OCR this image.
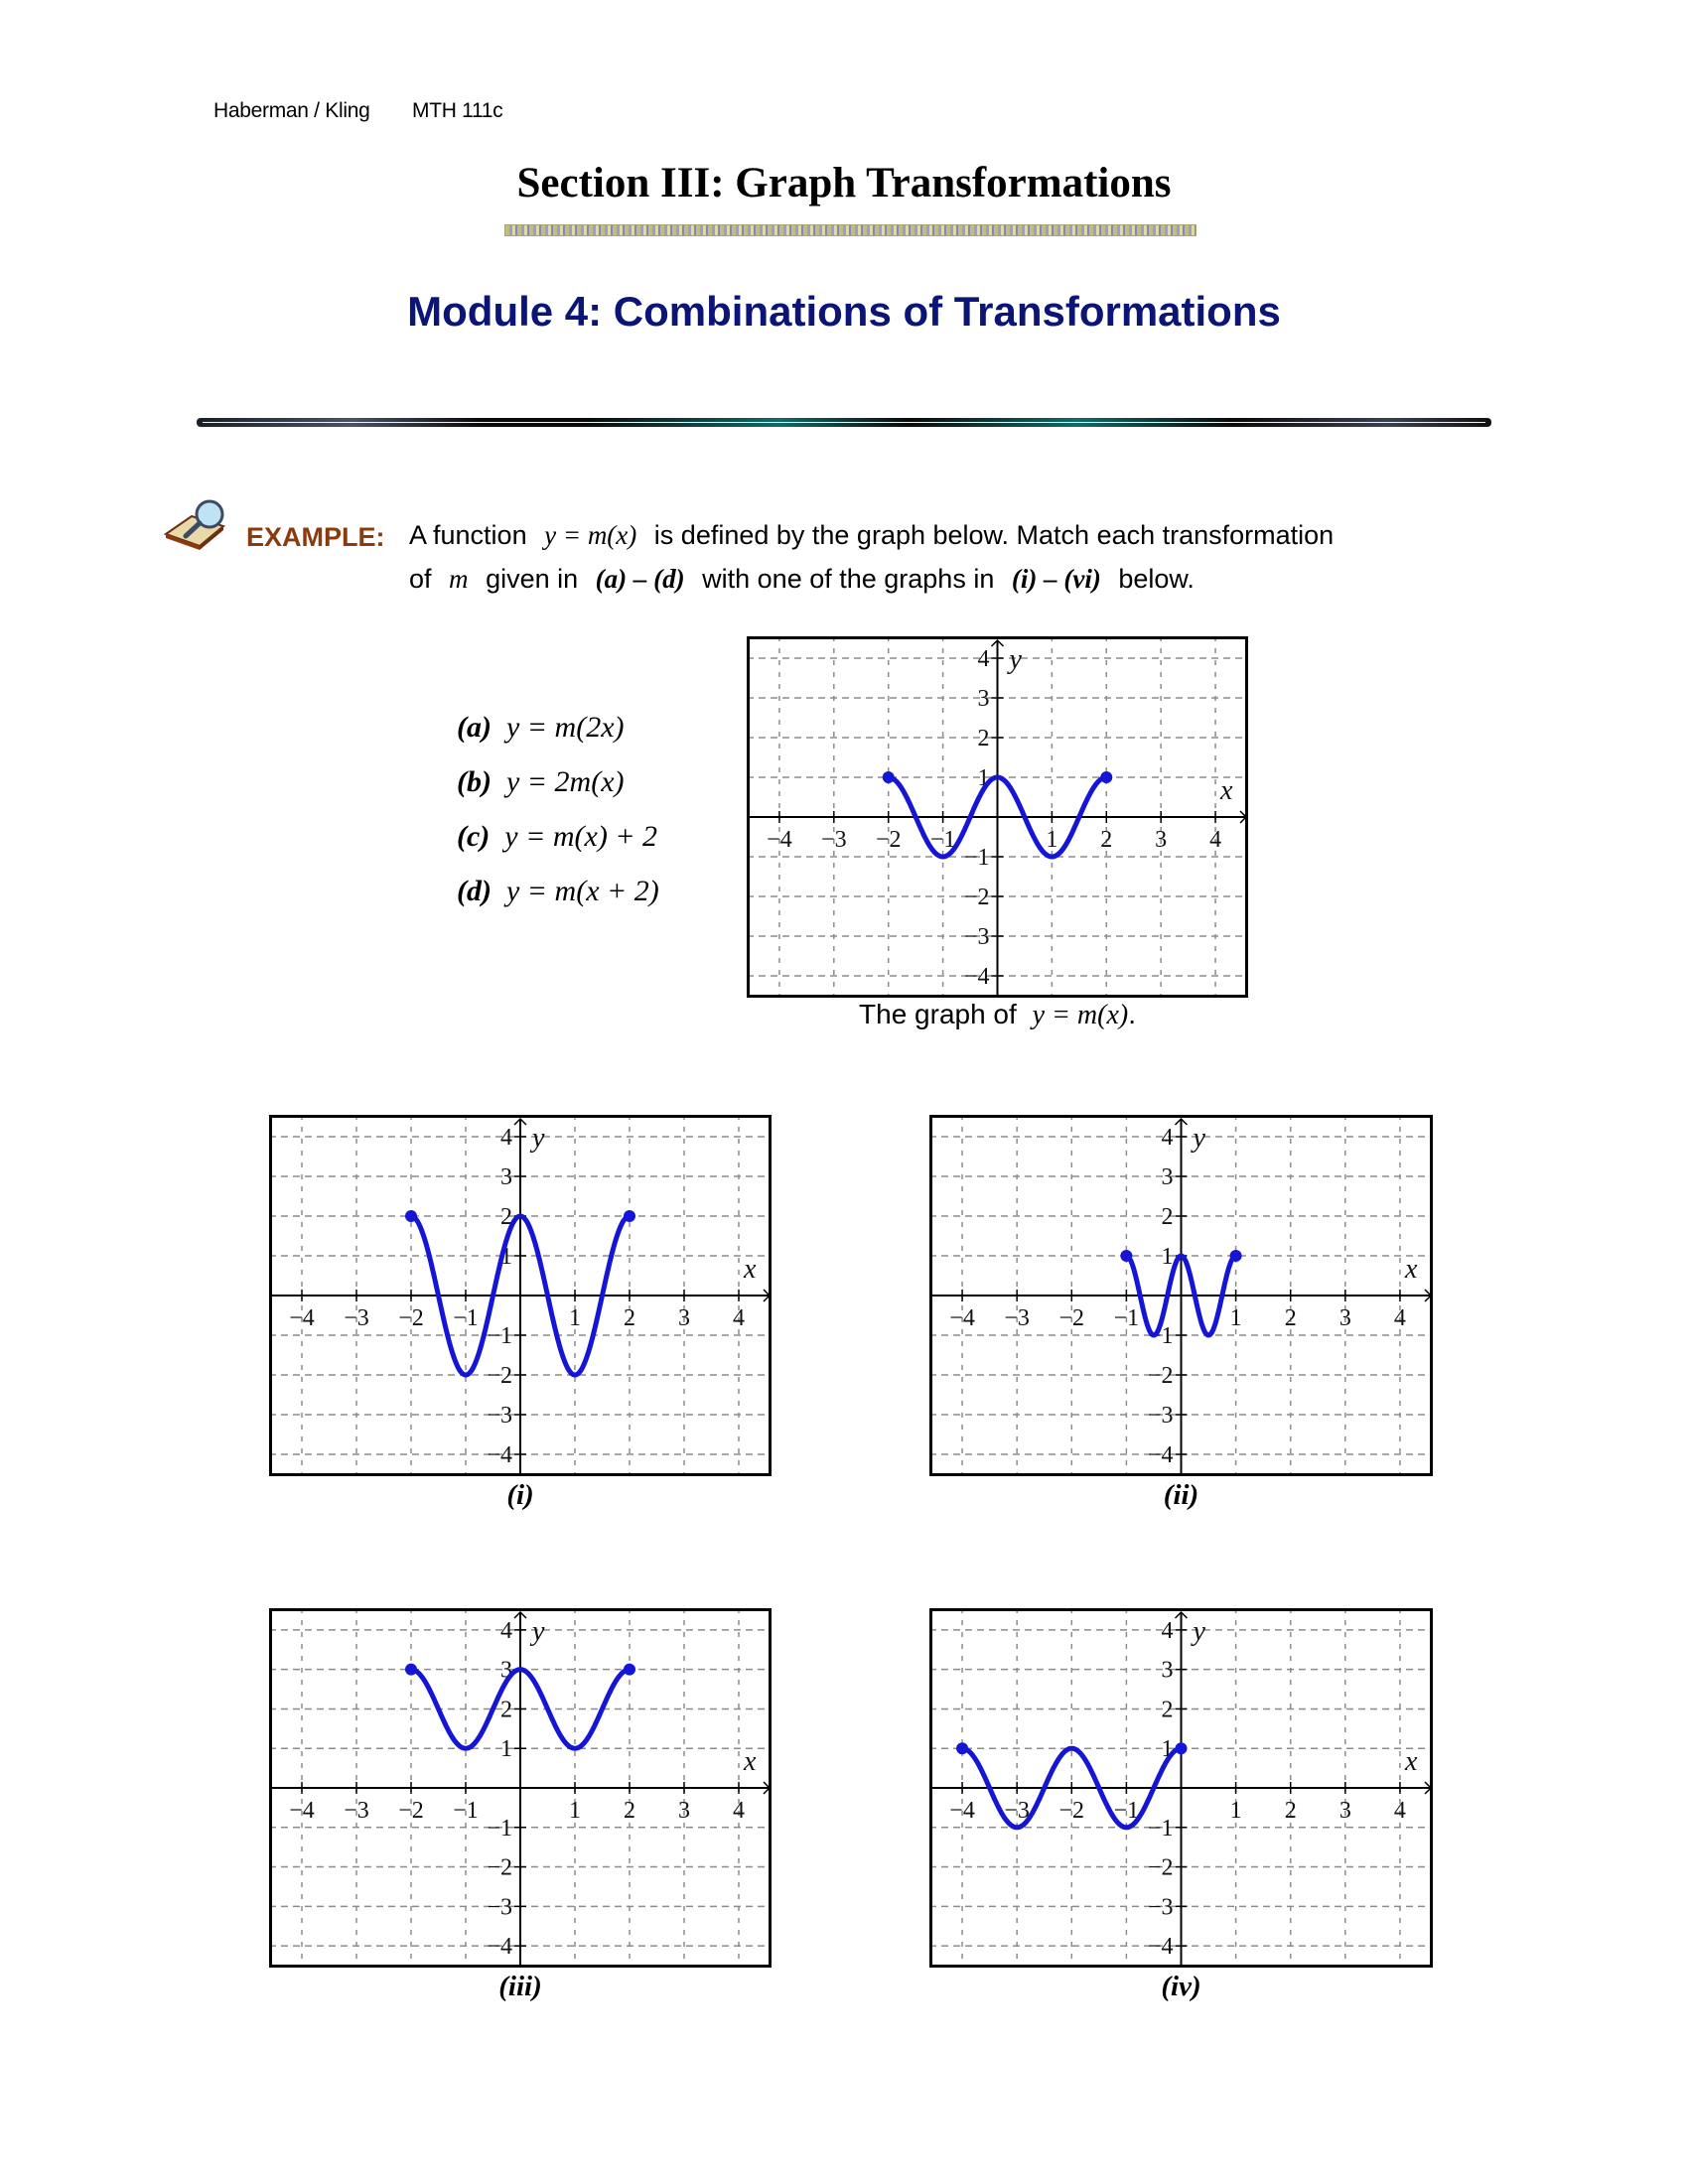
Haberman / Kling MTH 111c
Section III: Graph Transformations
Module 4: Combinations of Transformations
EXAMPLE: A function y = m(x) is defined by the graph below. Match each transformation
of m given in (a) – (d) with one of the graphs in (i) – (vi) below.
(a) y = m(2x)
(b) y = 2m(x)
(c) y = m(x) + 2
(d) y = m(x + 2)
−4 −3 −2 −1	1 2 3 4
−4
−3
−2
−1
1
2
3
4 y
x
The graph of y = m(x).
−4 −3 −2 −1	1 2 3 4
−4
−3
−2
−1
1
2
3
4 y
x
(i)
−4 −3 −2 −1	1 2 3 4
−4
−3
−2
−1
1
2
3
4 y
x
(ii)
−4 −3 −2 −1	1 2 3 4
−4
−3
−2
−1
1
2
3
4 y
x
(iii)
−4 −3 −2 −1	1 2 3 4
−4
−3
−2
−1
1
2
3
4 y
x
(iv)
